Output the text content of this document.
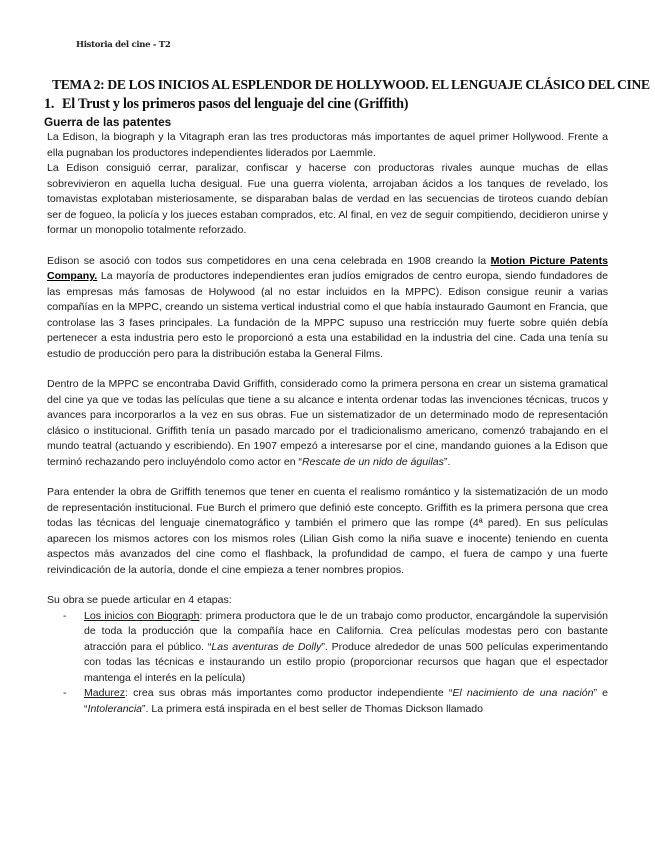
Historia del cine - T2
TEMA 2: DE LOS INICIOS AL ESPLENDOR DE HOLLYWOOD. EL LENGUAJE CLÁSICO DEL CINE
1. El Trust y los primeros pasos del lenguaje del cine (Griffith)
Guerra de las patentes

La Edison, la biograph y la Vitagraph eran las tres productoras más importantes de aquel primer Hollywood. Frente a ella pugnaban los productores independientes liderados por Laemmle.

La Edison consiguió cerrar, paralizar, confiscar y hacerse con productoras rivales aunque muchas de ellas sobrevivieron en aquella lucha desigual. Fue una guerra violenta, arrojaban ácidos a los tanques de revelado, los tomavistas explotaban misteriosamente, se disparaban balas de verdad en las secuencias de tiroteos cuando debían ser de fogueo, la policía y los jueces estaban comprados, etc. Al final, en vez de seguir compitiendo, decidieron unirse y formar un monopolio totalmente reforzado.

Edison se asoció con todos sus competidores en una cena celebrada en 1908 creando la Motion Picture Patents Company. La mayoría de productores independientes eran judíos emigrados de centro europa, siendo fundadores de las empresas más famosas de Holywood (al no estar incluidos en la MPPC). Edison consigue reunir a varias compañías en la MPPC, creando un sistema vertical industrial como el que había instaurado Gaumont en Francia, que controlase las 3 fases principales. La fundación de la MPPC supuso una restricción muy fuerte sobre quién debía pertenecer a esta industria pero esto le proporcionó a esta una estabilidad en la industria del cine. Cada una tenía su estudio de producción pero para la distribución estaba la General Films.

Dentro de la MPPC se encontraba David Griffith, considerado como la primera persona en crear un sistema gramatical del cine ya que ve todas las películas que tiene a su alcance e intenta ordenar todas las invenciones técnicas, trucos y avances para incorporarlos a la vez en sus obras. Fue un sistematizador de un determinado modo de representación clásico o institucional. Griffith tenía un pasado marcado por el tradicionalismo americano, comenzó trabajando en el mundo teatral (actuando y escribiendo). En 1907 empezó a interesarse por el cine, mandando guiones a la Edison que terminó rechazando pero incluyéndolo como actor en “Rescate de un nido de águilas”.

Para entender la obra de Griffith tenemos que tener en cuenta el realismo romántico y la sistematización de un modo de representación institucional. Fue Burch el primero que definió este concepto. Griffith es la primera persona que crea todas las técnicas del lenguaje cinematográfico y también el primero que las rompe (4ª pared). En sus películas aparecen los mismos actores con los mismos roles (Lilian Gish como la niña suave e inocente) teniendo en cuenta aspectos más avanzados del cine como el flashback, la profundidad de campo, el fuera de campo y una fuerte reivindicación de la autoría, donde el cine empieza a tener nombres propios.

Su obra se puede articular en 4 etapas:

- Los inicios con Biograph: primera productora que le de un trabajo como productor, encargándole la supervisión de toda la producción que la compañía hace en California. Crea películas modestas pero con bastante atracción para el público. “Las aventuras de Dolly”. Produce alrededor de unas 500 películas experimentando con todas las técnicas e instaurando un estilo propio (proporcionar recursos que hagan que el espectador mantenga el interés en la película)
- Madurez: crea sus obras más importantes como productor independiente “El nacimiento de una nación” e “Intolerancia”. La primera está inspirada en el best seller de Thomas Dickson llamado
